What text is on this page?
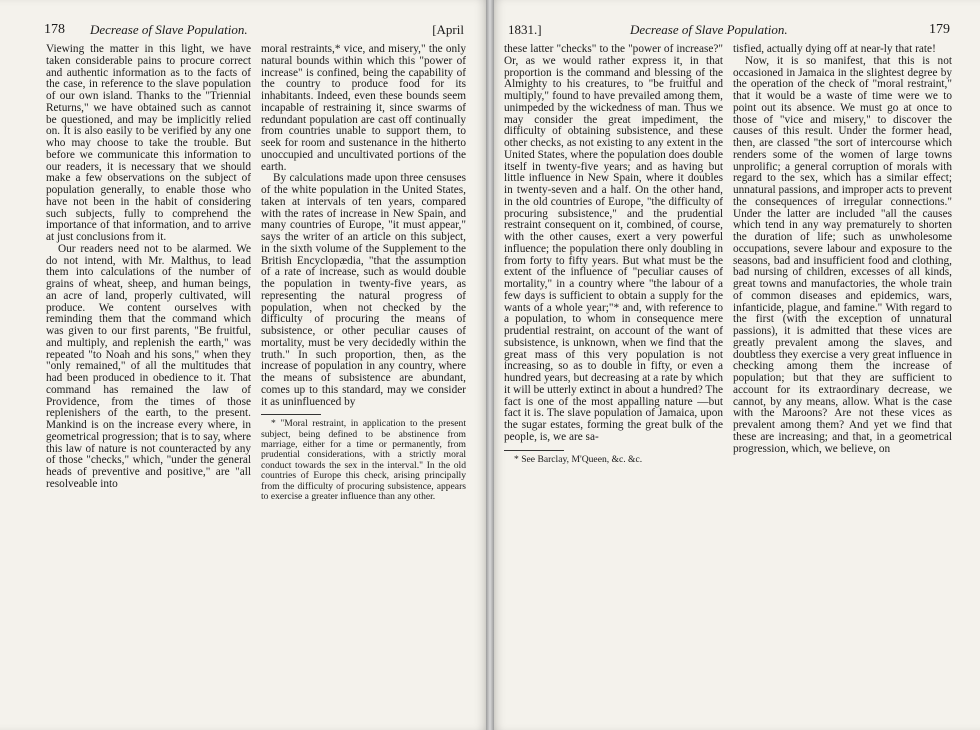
178 Decrease of Slave Population.	[April

Viewing the matter in this light, we have taken considerable pains to procure correct and authentic information as to the facts of the case, in reference to the slave population of our own island. Thanks to the "Triennial Returns," we have obtained such as cannot be questioned, and may be implicitly relied on. It is also easily to be verified by any one who may choose to take the trouble. But before we communicate this information to our readers, it is necessary that we should make a few observations on the subject of population generally, to enable those who have not been in the habit of considering such subjects, fully to comprehend the importance of that information, and to arrive at just conclusions from it.

Our readers need not to be alarmed. We do not intend, with Mr. Malthus, to lead them into calculations of the number of grains of wheat, sheep, and human beings, an acre of land, properly cultivated, will produce. We content ourselves with reminding them that the command which was given to our first parents, "Be fruitful, and multiply, and replenish the earth," was repeated "to Noah and his sons," when they "only remained," of all the multitudes that had been produced in obedience to it. That command has remained the law of Providence, from the times of those replenishers of the earth, to the present. Mankind is on the increase every where, in geometrical progression; that is to say, where this law of nature is not counteracted by any of those "checks," which, "under the general heads of preventive and positive," are "all resolveable into

moral restraints,* vice, and misery," the only natural bounds within which this "power of increase" is confined, being the capability of the country to produce food for its inhabitants. Indeed, even these bounds seem incapable of restraining it, since swarms of redundant population are cast off continually from countries unable to support them, to seek for room and sustenance in the hitherto unoccupied and uncultivated portions of the earth.

By calculations made upon three censuses of the white population in the United States, taken at intervals of ten years, compared with the rates of increase in New Spain, and many countries of Europe, "it must appear," says the writer of an article on this subject, in the sixth volume of the Supplement to the British Encyclopædia, "that the assumption of a rate of increase, such as would double the population in twenty-five years, as representing the natural progress of population, when not checked by the difficulty of procuring the means of subsistence, or other peculiar causes of mortality, must be very decidedly within the truth." In such proportion, then, as the increase of population in any country, where the means of subsistence are abundant, comes up to this standard, may we consider it as uninfluenced by

* "Moral restraint, in application to the present subject, being defined to be abstinence from marriage, either for a time or permanently, from prudential considerations, with a strictly moral conduct towards the sex in the interval." In the old countries of Europe this check, arising principally from the difficulty of procuring subsistence, appears to exercise a greater influence than any other.
1831.]	Decrease of Slave Population.	179

these latter "checks" to the "power of increase?" Or, as we would rather express it, in that proportion is the command and blessing of the Almighty to his creatures, to "be fruitful and multiply," found to have prevailed among them, unimpeded by the wickedness of man. Thus we may consider the great impediment, the difficulty of obtaining subsistence, and these other checks, as not existing to any extent in the United States, where the population does double itself in twenty-five years; and as having but little influence in New Spain, where it doubles in twenty-seven and a half. On the other hand, in the old countries of Europe, "the difficulty of procuring subsistence," and the prudential restraint consequent on it, combined, of course, with the other causes, exert a very powerful influence; the population there only doubling in from forty to fifty years. But what must be the extent of the influence of "peculiar causes of mortality," in a country where "the labour of a few days is sufficient to obtain a supply for the wants of a whole year;"* and, with reference to a population, to whom in consequence mere prudential restraint, on account of the want of subsistence, is unknown, when we find that the great mass of this very population is not increasing, so as to double in fifty, or even a hundred years, but decreasing at a rate by which it will be utterly extinct in about a hundred? The fact is one of the most appalling nature —but fact it is. The slave population of Jamaica, upon the sugar estates, forming the great bulk of the people, is, we are sa-

* See Barclay, M'Queen, &c. &c.

tisfied, actually dying off at near-ly that rate!

Now, it is so manifest, that this is not occasioned in Jamaica in the slightest degree by the operation of the check of "moral restraint," that it would be a waste of time were we to point out its absence. We must go at once to those of "vice and misery," to discover the causes of this result. Under the former head, then, are classed "the sort of intercourse which renders some of the women of large towns unprolific; a general corruption of morals with regard to the sex, which has a similar effect; unnatural passions, and improper acts to prevent the consequences of irregular connections." Under the latter are included "all the causes which tend in any way prematurely to shorten the duration of life; such as unwholesome occupations, severe labour and exposure to the seasons, bad and insufficient food and clothing, bad nursing of children, excesses of all kinds, great towns and manufactories, the whole train of common diseases and epidemics, wars, infanticide, plague, and famine." With regard to the first (with the exception of unnatural passions), it is admitted that these vices are greatly prevalent among the slaves, and doubtless they exercise a very great influence in checking among them the increase of population; but that they are sufficient to account for its extraordinary decrease, we cannot, by any means, allow. What is the case with the Maroons? Are not these vices as prevalent among them? And yet we find that these are increasing; and that, in a geometrical progression, which, we believe, on
